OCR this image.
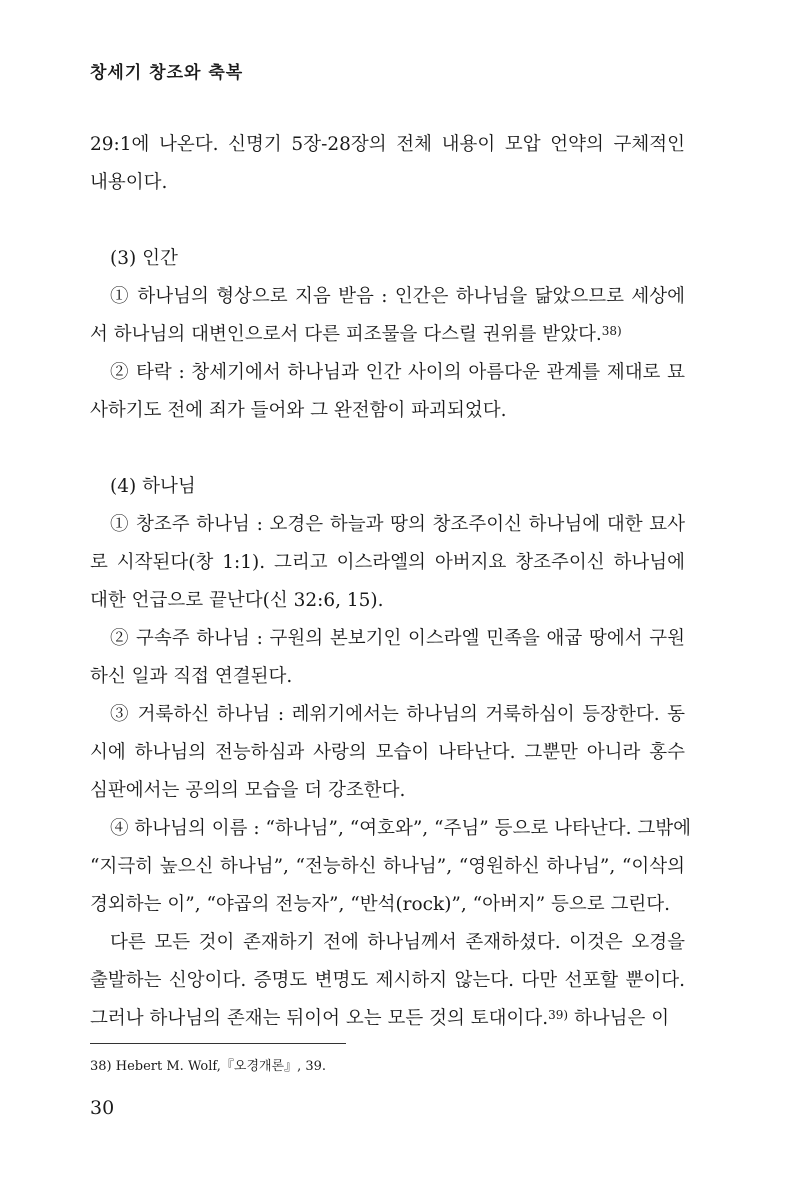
창세기 창조와 축복
29:1에 나온다. 신명기 5장-28장의 전체 내용이 모압 언약의 구체적인
내용이다.
(3) 인간
① 하나님의 형상으로 지음 받음 : 인간은 하나님을 닮았으므로 세상에
서 하나님의 대변인으로서 다른 피조물을 다스릴 권위를 받았다.$^{38)}$
② 타락 : 창세기에서 하나님과 인간 사이의 아름다운 관계를 제대로 묘
사하기도 전에 죄가 들어와 그 완전함이 파괴되었다.
(4) 하나님
① 창조주 하나님 : 오경은 하늘과 땅의 창조주이신 하나님에 대한 묘사
로 시작된다(창 1:1). 그리고 이스라엘의 아버지요 창조주이신 하나님에
대한 언급으로 끝난다(신 32:6, 15).
② 구속주 하나님 : 구원의 본보기인 이스라엘 민족을 애굽 땅에서 구원
하신 일과 직접 연결된다.
③ 거룩하신 하나님 : 레위기에서는 하나님의 거룩하심이 등장한다. 동
시에 하나님의 전능하심과 사랑의 모습이 나타난다. 그뿐만 아니라 홍수
심판에서는 공의의 모습을 더 강조한다.
④ 하나님의 이름 : “하나님”, “여호와”, “주님” 등으로 나타난다. 그밖에
“지극히 높으신 하나님”, “전능하신 하나님”, “영원하신 하나님”, “이삭의
경외하는 이”, “야곱의 전능자”, “반석(rock)”, “아버지” 등으로 그린다.
다른 모든 것이 존재하기 전에 하나님께서 존재하셨다. 이것은 오경을
출발하는 신앙이다. 증명도 변명도 제시하지 않는다. 다만 선포할 뿐이다.
그러나 하나님의 존재는 뒤이어 오는 모든 것의 토대이다.$^{39)}$ 하나님은 이
38) Hebert M. Wolf,『오경개론』, 39.
30
